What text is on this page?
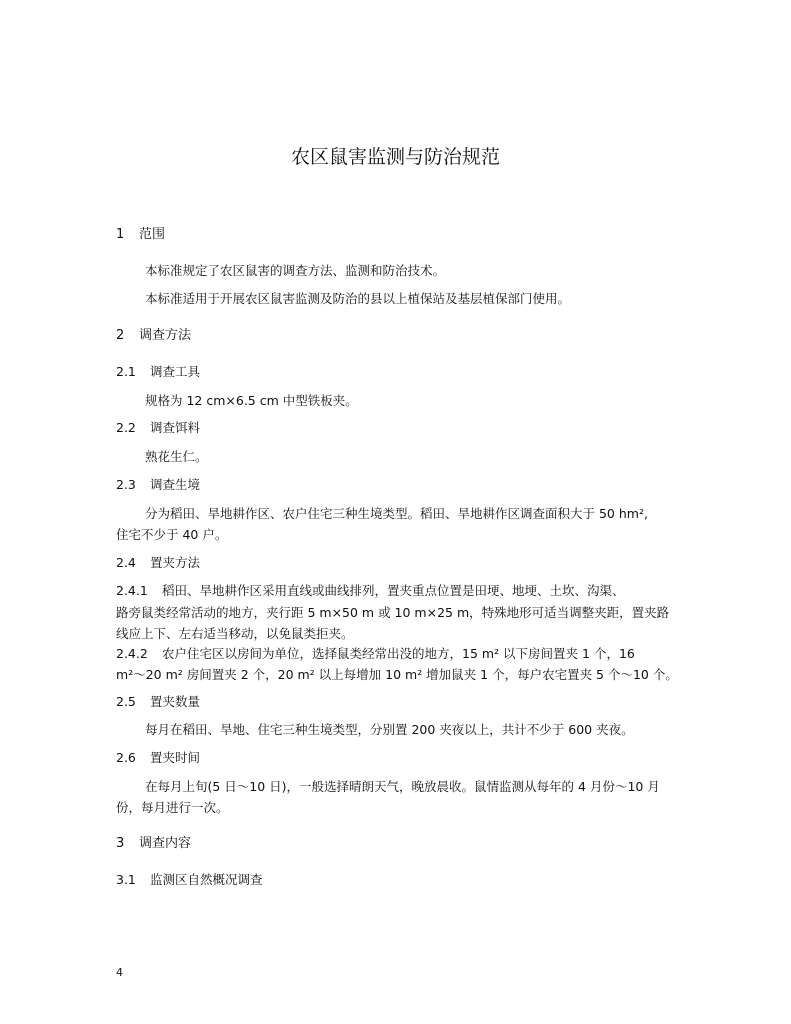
农区鼠害监测与防治规范
1 范围

本标准规定了农区鼠害的调查方法、监测和防治技术。

本标准适用于开展农区鼠害监测及防治的县以上植保站及基层植保部门使用。

2 调查方法
2.1 调查工具

规格为 12 cm×6.5 cm 中型铁板夹。

2.2 调查饵料

熟花生仁。

2.3 调查生境

分为稻田、旱地耕作区、农户住宅三种生境类型。稻田、旱地耕作区调查面积大于 50 hm²,

住宅不少于 40 户。

2.4 置夹方法
2.4.1 稻田、旱地耕作区采用直线或曲线排列，置夹重点位置是田埂、地埂、土坎、沟渠、

路旁鼠类经常活动的地方，夹行距 5 m×50 m 或 10 m×25 m，特殊地形可适当调整夹距，置夹路

线应上下、左右适当移动，以免鼠类拒夹。

2.4.2 农户住宅区以房间为单位，选择鼠类经常出没的地方，15 m² 以下房间置夹 1 个，16

m²～20 m² 房间置夹 2 个，20 m² 以上每增加 10 m² 增加鼠夹 1 个，每户农宅置夹 5 个～10 个。

2.5 置夹数量

每月在稻田、旱地、住宅三种生境类型，分别置 200 夹夜以上，共计不少于 600 夹夜。

2.6 置夹时间

在每月上旬(5 日～10 日)，一般选择晴朗天气，晚放晨收。鼠情监测从每年的 4 月份～10 月

份，每月进行一次。

3 调查内容
3.1 监测区自然概况调查
4
